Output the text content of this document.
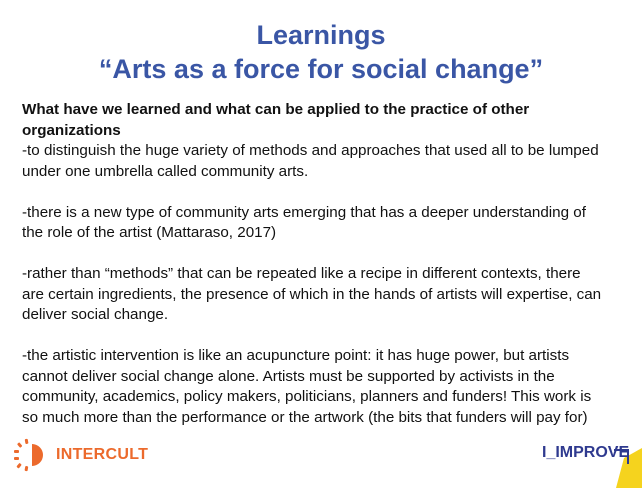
Learnings
“Arts as a force for social change”

What have we learned and what can be applied to the practice of other
organizations

-to distinguish the huge variety of methods and approaches that used all to be lumped
under one umbrella called community arts.

-there is a new type of community arts emerging that has a deeper understanding of
the role of the artist (Mattaraso, 2017)

-rather than “methods” that can be repeated like a recipe in different contexts, there
are certain ingredients, the presence of which in the hands of artists will expertise, can
deliver social change.

-the artistic intervention is like an acupuncture point: it has huge power, but artists
cannot deliver social change alone. Artists must be supported by activists in the
community, academics, policy makers, politicians, planners and funders! This work is
so much more than the performance or the artwork (the bits that funders will pay for)

INTERCULT	I_IMPROVE
